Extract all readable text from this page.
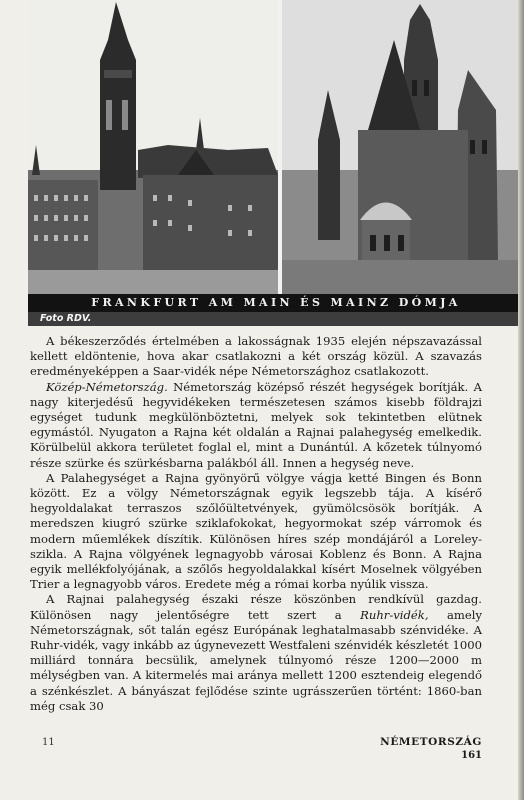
FRANKFURT AM MAIN ÉS MAINZ DÓMJA
Foto RDV.

A békeszerződés értelmében a lakosságnak 1935 elején népszavazással kellett eldöntenie, hova akar csatlakozni a két ország közül. A szavazás eredményeképpen a Saar-vidék népe Németországhoz csatlakozott.

Közép-Németország. Németország középső részét hegységek borítják. A nagy kiterjedésű hegyvidékeken természetesen számos kisebb földrajzi egységet tudunk megkülönböztetni, melyek sok tekintetben elütnek egymástól. Nyugaton a Rajna két oldalán a Rajnai palahegység emelkedik. Körülbelül akkora területet foglal el, mint a Dunántúl. A kőzetek túlnyomó része szürke és szürkésbarna palákból áll. Innen a hegység neve.

A Palahegységet a Rajna gyönyörű völgye vágja ketté Bingen és Bonn között. Ez a völgy Németországnak egyik legszebb tája. A kísérő hegyoldalakat terraszos szőlőültetvények, gyümölcsösök borítják. A meredszen kiugró szürke sziklafokokat, hegyormokat szép várromok és modern műemlékek díszítik. Különösen híres szép mondájáról a Loreley-szikla. A Rajna völgyének legnagyobb városai Koblenz és Bonn. A Rajna egyik mellékfolyójának, a szőlős hegyoldalakkal kísért Moselnek völgyében Trier a legnagyobb város. Eredete még a római korba nyúlik vissza.

A Rajnai palahegység északi része köszönben rendkívül gazdag. Különösen nagy jelentőségre tett szert a Ruhr-vidék, amely Németországnak, sőt talán egész Európának leghatalmasabb szénvidéke. A Ruhr-vidék, vagy inkább az úgynevezett Westfaleni szénvidék készletét 1000 milliárd tonnára becsülik, amelynek túlnyomó része 1200—2000 m mélységben van. A kitermelés mai aránya mellett 1200 esztendeig elegendő a szénkészlet. A bányászat fejlődése szinte ugrásszerűen történt: 1860-ban még csak 30

11	NÉMETORSZÁG
161
